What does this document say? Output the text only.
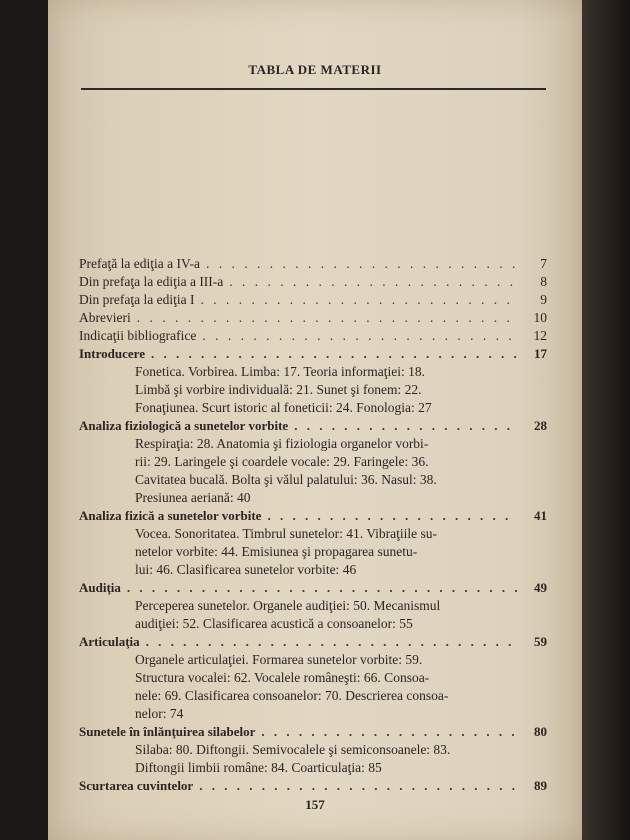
TABLA DE MATERII
Prefaţă la ediţia a IV-a . . .	7
Din prefaţa la ediţia a III-a . . .	8
Din prefaţa la ediţia I . . .	9
Abrevieri . . .	10
Indicaţii bibliografice . . .	12
Introducere . . .	17
Fonetica. Vorbirea. Limba: 17. Teoria informaţiei: 18.
Limbă şi vorbire individuală: 21. Sunet şi fonem: 22.
Fonaţiunea. Scurt istoric al foneticii: 24. Fonologia: 27
Analiza fiziologică a sunetelor vorbite . . .	28
Respiraţia: 28. Anatomia şi fiziologia organelor vorbi-
rii: 29. Laringele şi coardele vocale: 29. Faringele: 36.
Cavitatea bucală. Bolta şi vălul palatului: 36. Nasul: 38.
Presiunea aeriană: 40
Analiza fizică a sunetelor vorbite . . .	41
Vocea. Sonoritatea. Timbrul sunetelor: 41. Vibraţiile su-
netelor vorbite: 44. Emisiunea şi propagarea sunetu-
lui: 46. Clasificarea sunetelor vorbite: 46
Audiţia . . .	49
Perceperea sunetelor. Organele audiţiei: 50. Mecanismul
audiţiei: 52. Clasificarea acustică a consoanelor: 55
Articulaţia . . .	59
Organele articulaţiei. Formarea sunetelor vorbite: 59.
Structura vocalei: 62. Vocalele româneşti: 66. Consoa-
nele: 69. Clasificarea consoanelor: 70. Descrierea consoa-
nelor: 74
Sunetele în înlănţuirea silabelor . . .	80
Silaba: 80. Diftongii. Semivocalele şi semiconsoanele: 83.
Diftongii limbii române: 84. Coarticulaţia: 85
Scurtarea cuvintelor . . .	89
157
